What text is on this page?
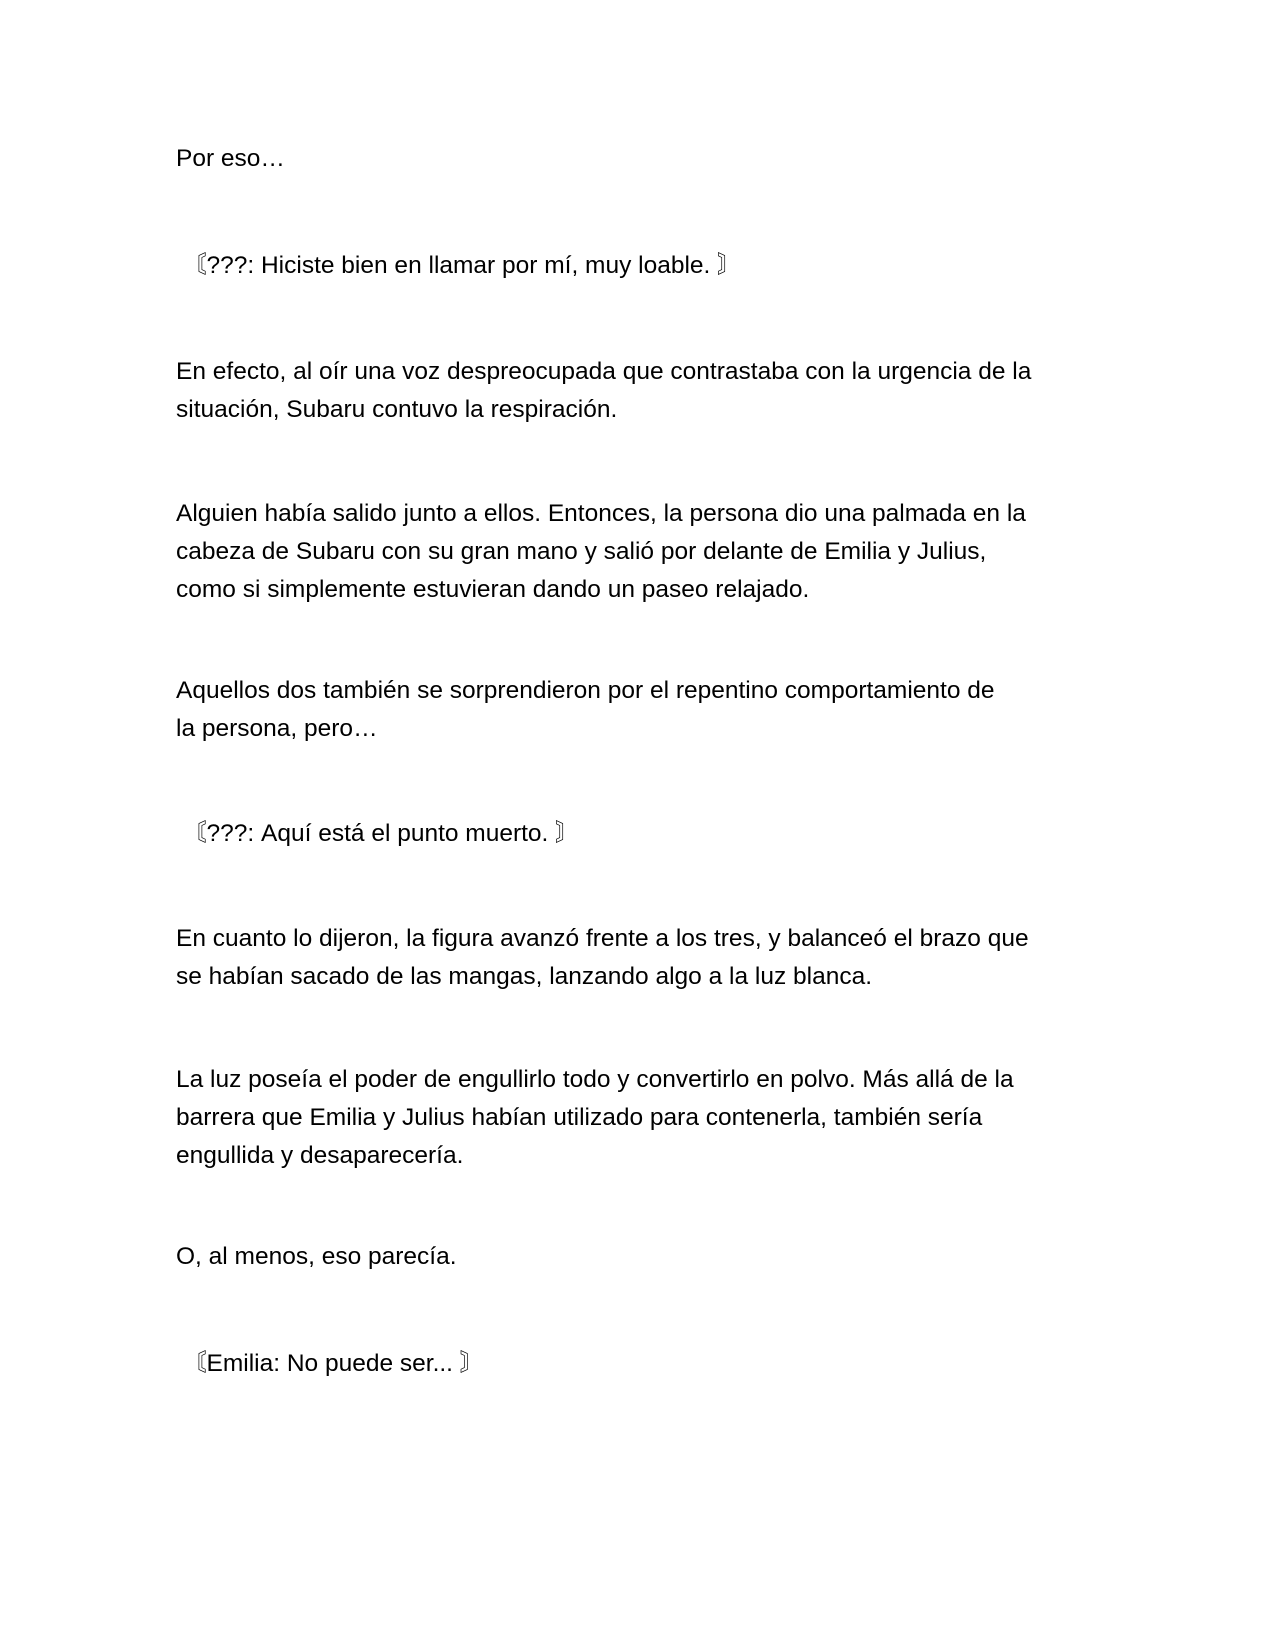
Por eso…

〘???: Hiciste bien en llamar por mí, muy loable. 〙

En efecto, al oír una voz despreocupada que contrastaba con la urgencia de la
situación, Subaru contuvo la respiración.

Alguien había salido junto a ellos. Entonces, la persona dio una palmada en la
cabeza de Subaru con su gran mano y salió por delante de Emilia y Julius,
como si simplemente estuvieran dando un paseo relajado.

Aquellos dos también se sorprendieron por el repentino comportamiento de
la persona, pero…

〘???: Aquí está el punto muerto. 〙

En cuanto lo dijeron, la figura avanzó frente a los tres, y balanceó el brazo que
se habían sacado de las mangas, lanzando algo a la luz blanca.

La luz poseía el poder de engullirlo todo y convertirlo en polvo. Más allá de la
barrera que Emilia y Julius habían utilizado para contenerla, también sería
engullida y desaparecería.

O, al menos, eso parecía.

〘Emilia: No puede ser... 〙
